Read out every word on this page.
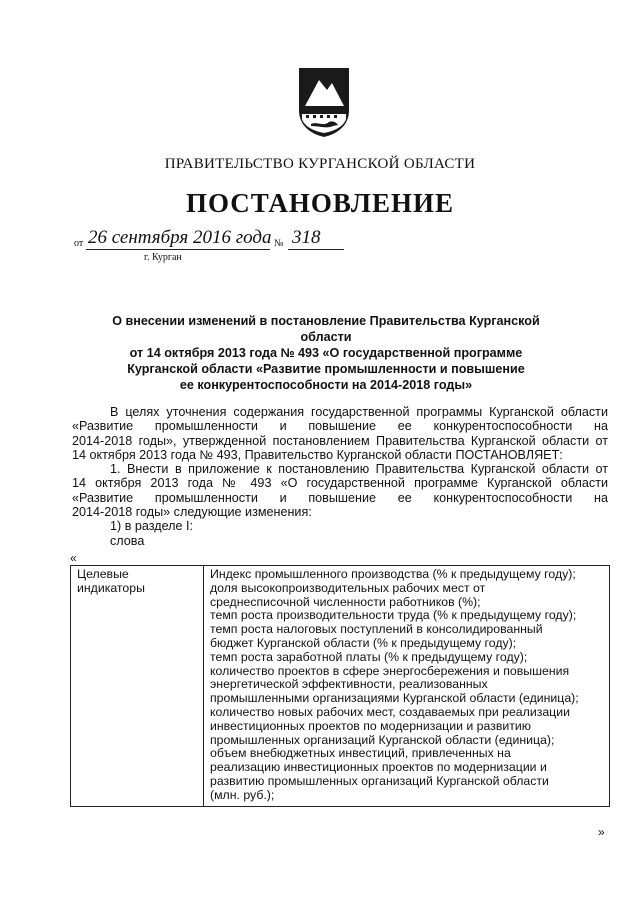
ПРАВИТЕЛЬСТВО КУРГАНСКОЙ ОБЛАСТИ
ПОСТАНОВЛЕНИЕ
от 26 сентября 2016 года № 318
г. Курган
О внесении изменений в постановление Правительства Курганской области
от 14 октября 2013 года № 493 «О государственной программе
Курганской области «Развитие промышленности и повышение
ее конкурентоспособности на 2014-2018 годы»
В целях уточнения содержания государственной программы Курганской области
«Развитие промышленности и повышение ее конкурентоспособности на
2014-2018 годы», утвержденной постановлением Правительства Курганской области от
14 октября 2013 года № 493, Правительство Курганской области ПОСТАНОВЛЯЕТ:
1. Внести в приложение к постановлению Правительства Курганской области от
14 октября 2013 года № 493 «О государственной программе Курганской области
«Развитие промышленности и повышение ее конкурентоспособности на
2014-2018 годы» следующие изменения:
1) в разделе I:
слова
«
Целевые
индикаторы

Индекс промышленного производства (% к предыдущему году);
доля высокопроизводительных рабочих мест от
среднесписочной численности работников (%);
темп роста производительности труда (% к предыдущему году);
темп роста налоговых поступлений в консолидированный
бюджет Курганской области (% к предыдущему году);
темп роста заработной платы (% к предыдущему году);
количество проектов в сфере энергосбережения и повышения
энергетической эффективности, реализованных
промышленными организациями Курганской области (единица);
количество новых рабочих мест, создаваемых при реализации
инвестиционных проектов по модернизации и развитию
промышленных организаций Курганской области (единица);
объем внебюджетных инвестиций, привлеченных на
реализацию инвестиционных проектов по модернизации и
развитию промышленных организаций Курганской области
(млн. руб.);
»
